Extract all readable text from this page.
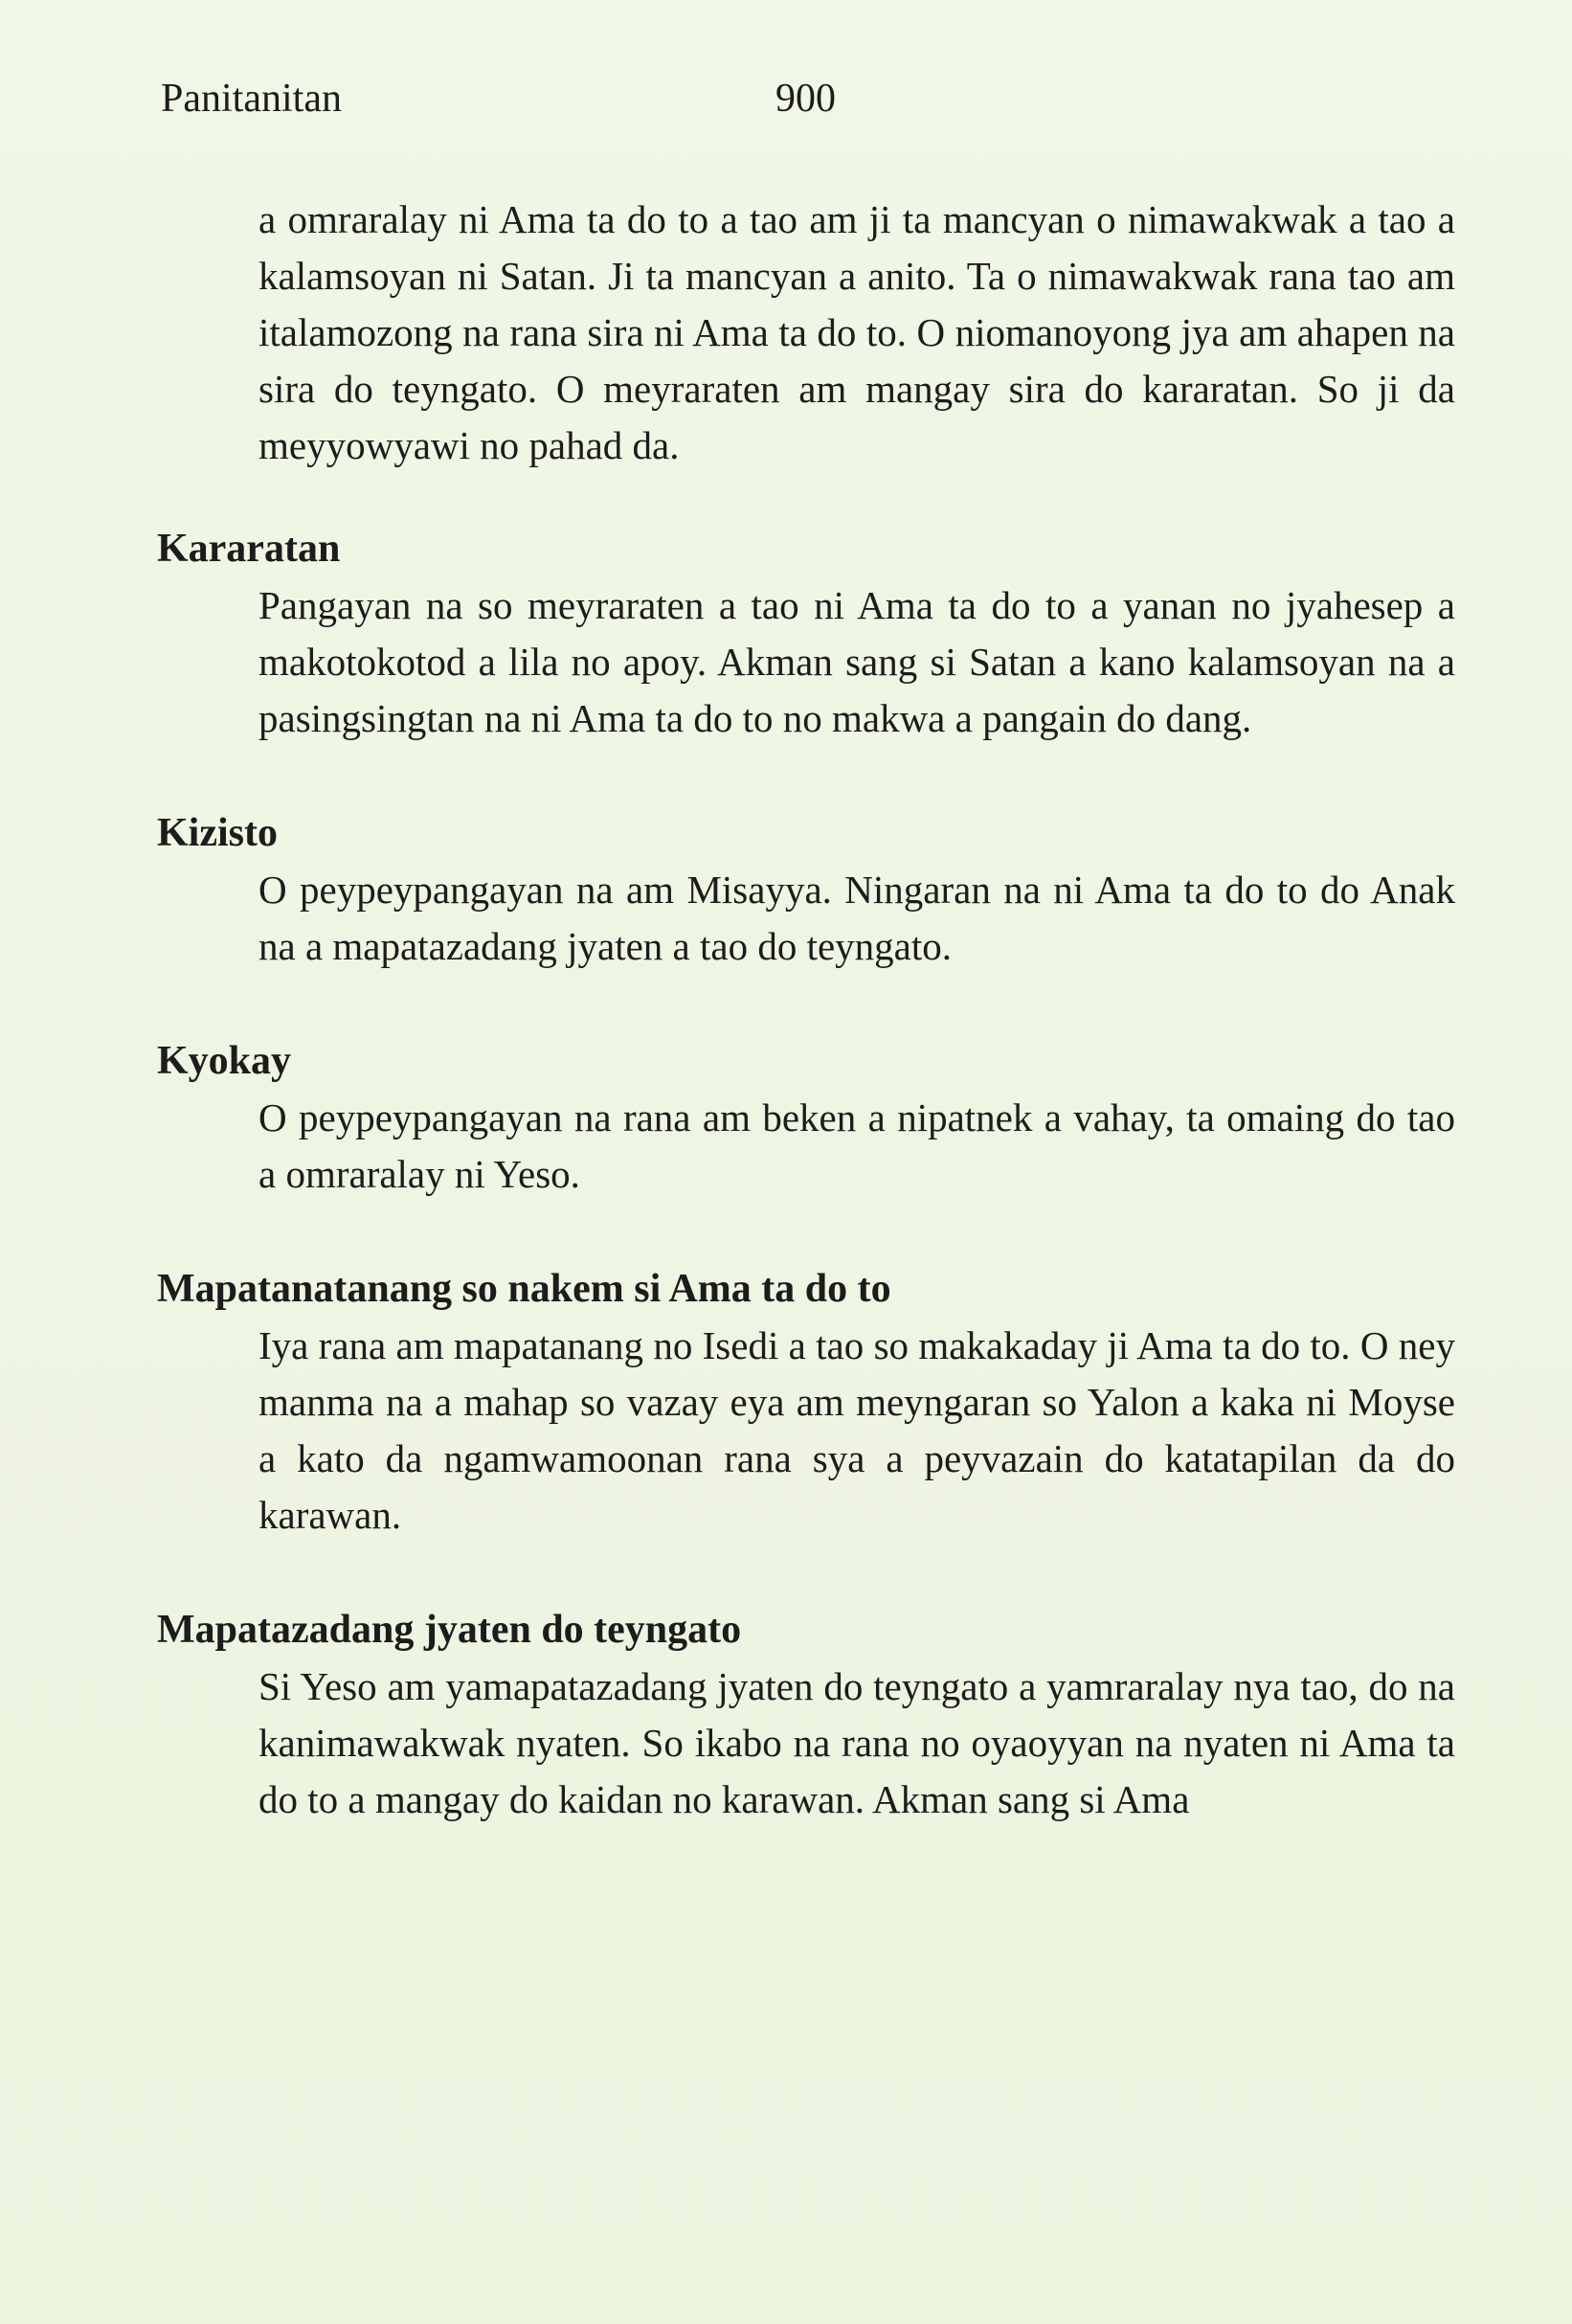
Panitanitan	900

a omraralay ni Ama ta do to a tao am ji ta mancyan o nimawakwak a tao a kalamsoyan ni Satan. Ji ta mancyan a anito. Ta o nimawakwak rana tao am italamozong na rana sira ni Ama ta do to. O niomanoyong jya am ahapen na sira do teyngato. O meyraraten am mangay sira do kararatan. So ji da meyyowyawi no pahad da.

Kararatan

Pangayan na so meyraraten a tao ni Ama ta do to a yanan no jyahesep a makotokotod a lila no apoy. Akman sang si Satan a kano kalamsoyan na a pasingsingtan na ni Ama ta do to no makwa a pangain do dang.

Kizisto

O peypeypangayan na am Misayya. Ningaran na ni Ama ta do to do Anak na a mapatazadang jyaten a tao do teyngato.

Kyokay

O peypeypangayan na rana am beken a nipatnek a vahay, ta omaing do tao a omraralay ni Yeso.

Mapatanatanang so nakem si Ama ta do to

Iya rana am mapatanang no Isedi a tao so makakaday ji Ama ta do to. O ney manma na a mahap so vazay eya am meyngaran so Yalon a kaka ni Moyse a kato da ngamwamoonan rana sya a peyvazain do katatapilan da do karawan.

Mapatazadang jyaten do teyngato

Si Yeso am yamapatazadang jyaten do teyngato a yamraralay nya tao, do na kanimawakwak nyaten. So ikabo na rana no oyaoyyan na nyaten ni Ama ta do to a mangay do kaidan no karawan. Akman sang si Ama
